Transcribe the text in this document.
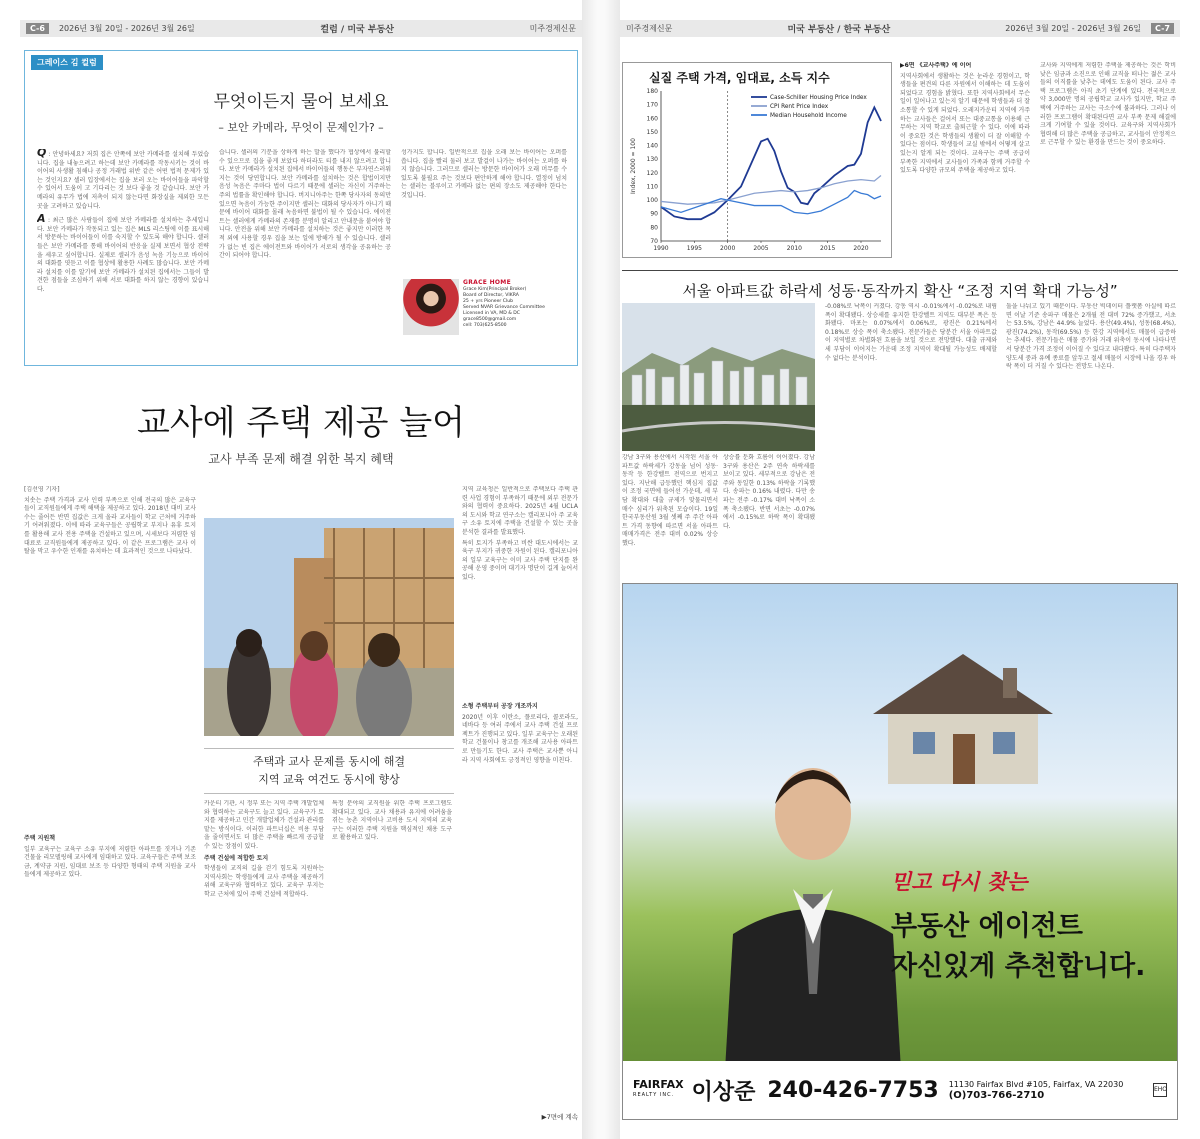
C-6	2026년 3월 20일 - 2026년 3월 26일	컬럼 / 미국 부동산	미주경제신문
그레이스 김 컬럼
무엇이든지 물어 보세요
– 보안 카메라, 무엇이 문제인가? –

Q : 안녕하세요? 저희 집은 안쪽에 보안 카메라를 설치해 두었습니다. 집을 내놓으려고 하는데 보안 카메라를 작동시키는 것이 바이어의 사생활 침해나 공정 거래법 위반 같은 어떤 법적 문제가 있는 것인지요? 셀러 입장에서는 집을 보러 오는 바이어들을 파악할 수 있어서 도움이 고 기다리는 것 보다 좋을 것 같습니다. 보안 카메라의 유무가 법에 저촉이 되지 않는다면 화장실을 제외한 모든 곳을 고려하고 있습니다.

A : 최근 많은 사람들이 집에 보안 카메라를 설치하는 추세입니다. 보안 카메라가 작동되고 있는 집은 MLS 리스팅에 이를 표시해서 방문하는 바이어들이 이를 숙지할 수 있도록 해야 합니다. 셀러들은 보안 카메라를 통해 바이어의 반응을 실제 보면서 협상 전략을 세우고 싶어합니다. 실제로 셀러가 음성 녹음 기능으로 바이어의 대화를 엿듣고 이를 협상에 활용한 사례도 많습니다. 보안 카메라 설치를 이를 알기에 보안 카메라가 설치된 집에서는 그들이 발견한 점들을 조심하기 위해 서로 대화를 하지 않는 경향이 있습니다.

습니다. 셀러의 기분을 상하게 하는 말을 했다가 협상에서 불리할 수 있으므로 집을 좋게 보았다 하더라도 티를 내지 않으려고 합니다. 보안 카메라가 설치된 집에서 바이어들의 행동은 부자연스러워지는 것이 당연합니다. 보안 카메라를 설치하는 것은 합법이지만 음성 녹음은 주마다 법이 다르기 때문에 셀러는 자신이 거주하는 주의 법률을 확인해야 합니다. 버지니아주는 한쪽 당사자의 동의만 있으면 녹음이 가능한 주이지만 셀러는 대화의 당사자가 아니기 때문에 바이어 대화를 몰래 녹음하면 불법이 될 수 있습니다. 에이전트는 셀러에게 카메라의 존재를 분명히 알리고 안내문을 붙여야 합니다. 안전을 위해 보안 카메라를 설치하는 것은 좋지만 이러한 목적 외에 사용할 경우 집을 보는 일에 방해가 될 수 있습니다. 셀러가 없는 빈 집은 에이전트와 바이어가 서로의 생각을 공유하는 공간이 되어야 합니다.
성가지도 합니다. 일반적으로 집을 오래 보는 바이어는 오퍼를 씁니다. 집을 빨리 둘러 보고 발걸이 나가는 바이어는 오퍼를 하지 않습니다. 그러므로 셀러는 방문한 바이어가 오래 머무를 수 있도록 불필요 주는 것보다 편안하게 해야 합니다. 열정이 넘치는 셀러는 블루이고 카메라 없는 편의 장소도 제공해야 한다는 것입니다.
GRACE HOME
Grace Kim(Principal Broker)
Board of Director, VIKRA
25 + yrs Pioneer Club
Served NVAR Grievance Committee
Licensed in VA, MD & DC
grace8500@gmail.com
cell: 703)625-8500
교사에 주택 제공 늘어
교사 부족 문제 해결 위한 복지 혜택

[김선영 기자]

치솟는 주택 가격과 교사 인력 부족으로 인해 전국의 많은 교육구들이 교직원들에게 주택 해택을 제공하고 있다. 2018년 대비 교사 수는 줄어든 반면 집값은 크게 올라 교사들이 학교 근처에 거주하기 어려워졌다. 이에 따라 교육구들은 공립학교 부지나 유휴 토지를 활용해 교사 전용 주택을 건설하고 있으며, 시세보다 저렴한 임대료로 교직원들에게 제공하고 있다. 이 같은 프로그램은 교사 이탈을 막고 우수한 인재를 유치하는 데 효과적인 것으로 나타났다.

주택 지원책

일부 교육구는 교육구 소유 부지에 저렴한 아파트를 짓거나 기존 건물을 리모델링해 교사에게 임대하고 있다. 교육구들은 주택 보조금, 계약금 지원, 임대료 보조 등 다양한 형태의 주택 지원을 교사들에게 제공하고 있다.

주택과 교사 문제를 동시에 해결
지역 교육 여건도 동시에 향상

카운티 기관, 시 정부 또는 지역 주택 개발업체와 협력하는 교육구도 늘고 있다. 교육구가 토지를 제공하고 민간 개발업체가 건설과 관리를 맡는 방식이다. 이러한 파트너십은 비용 부담을 줄이면서도 더 많은 주택을 빠르게 공급할 수 있는 장점이 있다.

주택 건설에 적합한 토지

학생들이 교직의 길을 걷기 힘도록 지원하는 지역사회는 학생들에게 교사 주택을 제공하기 위해 교육구와 협력하고 있다. 교육구 부지는 학교 근처에 있어 주택 건설에 적합하다.

특정 분야의 교직원을 위한 주택 프로그램도 확대되고 있다. 교사 채용과 유지에 어려움을 겪는 농촌 지역이나 고비용 도시 지역의 교육구는 이러한 주택 지원을 핵심적인 채용 도구로 활용하고 있다.

지역 교육청은 일반적으로 주택보다 주택 관련 사업 경험이 부족하기 때문에 외부 전문가와의 협력이 중요하다. 2025년 4월 UCLA의 도시와 학교 연구소는 캘리포니아 주 교육구 소유 토지에 주택을 건설할 수 있는 곳을 분석한 결과를 발표했다.

특히 토지가 부족하고 비싼 대도시에서는 교육구 부지가 귀중한 자원이 된다. 캘리포니아의 일부 교육구는 이미 교사 주택 단지를 완공해 운영 중이며 대기자 명단이 길게 늘어서 있다.

소형 주택부터 공장 개조까지

2020년 이후 이란소, 플로리다, 콜로라도, 네바다 등 여러 주에서 교사 주택 건설 프로젝트가 진행되고 있다. 일부 교육구는 오래된 학교 건물이나 창고를 개조해 교사용 아파트로 만들기도 한다. 교사 주택은 교사뿐 아니라 지역 사회에도 긍정적인 영향을 미친다.

▶7면에 계속
미주경제신문	미국 부동산 / 한국 부동산	2026년 3월 20일 - 2026년 3월 26일	C-7
실질 주택 가격, 임대료, 소득 지수
70
80
90
100
110
120
130
140
150
160
170
180
1990	1995	2000	2005	2010	2015	2020
Index, 2000 = 100
Case-Schiller Housing Price Index
CPI Rent Price Index
Median Household Income

▶6면 《교사주택》에 이어

지역사회에서 생활하는 것은 눈라운 경험이고, 학생들을 편견의 다른 자원에서 이해하는 데 도움이 되었다고 경험을 밝혔다. 또한 지역사회에서 무슨 일이 일어나고 있는지 알기 때문에 학생들과 더 잘 소통할 수 있게 되었다. 오레지카운티 지역에 거주하는 교사들은 걸어서 또는 대중교통을 이용해 근무하는 지역 학교로 출퇴근할 수 있다. 이에 따라 이 중요한 것은 학생들의 생활이 더 잘 이해할 수 있다는 점이다. 학생들이 교실 밖에서 어떻게 살고 있는지 알게 되는 것이다. 교육구는 주택 공급이 부족한 지역에서 교사들이 가족과 함께 거주할 수 있도록 다양한 규모의 주택을 제공하고 있다.

교사와 지역에게 저렴한 주택을 제공하는 것은 학비 낮은 임금과 소진으로 인해 교직을 떠나는 젊은 교사들의 이직률을 낮추는 데에도 도움이 된다. 교사 주택 프로그램은 아직 초기 단계에 있다. 전국적으로 약 3,000만 명의 공립학교 교사가 있지만, 학교 주택에 거주하는 교사는 극소수에 불과하다. 그러나 이러한 프로그램이 확대된다면 교사 부족 문제 해결에 크게 기여할 수 있을 것이다. 교육구와 지역사회가 협력해 더 많은 주택을 공급하고, 교사들이 안정적으로 근무할 수 있는 환경을 만드는 것이 중요하다.
서울 아파트값 하락세 성동·동작까지 확산 “조정 지역 확대 가능성”
강남 3구와 용산에서 시작된 서울 아파트값 하락세가 강동을 넘어 성동·동작 등 한강벨트 전역으로 번지고 있다. 지난해 급등했던 핵심지 집값이 조정 국면에 들어선 가운데, 세 부담 확대와 대출 규제가 맞물리면서 매수 심리가 위축된 모습이다. 19일 한국부동산원 3월 셋째 주 주간 아파트 가격 동향에 따르면 서울 아파트 매매가격은 전주 대비 0.02% 상승했다.
상승률 둔화 흐름이 이어졌다. 강남 3구와 용산은 2주 연속 하락세를 보이고 있다. 세부적으로 강남은 전주와 동일한 0.13% 하락을 기록했다. 송파는 0.16% 내렸다. 다만 송파는 전주 -0.17% 대비 낙폭이 소폭 축소됐다. 반면 서초는 -0.07%에서 -0.15%로 하락 폭이 확대됐다.
-0.08%로 낙폭이 커졌다. 강동 역시 -0.01%에서 -0.02%로 내림 폭이 확대됐다. 상승세를 유지한 한강벨트 지역도 대부분 폭은 둔화됐다. 마포는 0.07%에서 0.06%로, 광진은 0.21%에서 0.18%로 상승 폭이 축소됐다. 전문가들은 당분간 서울 아파트값이 지역별로 차별화된 흐름을 보일 것으로 전망했다. 대출 규제와 세 부담이 이어지는 가운데 조정 지역이 확대될 가능성도 배제할 수 없다는 분석이다.
둘을 나눠고 있기 때문이다. 부동산 빅데이터 플랫폼 아실에 따르면 이날 기준 송파구 매물은 2개월 전 대비 72% 증가했고, 서초는 53.5%, 강남은 44.9% 늘었다. 용산(49.4%), 성동(68.4%), 광진(74.2%), 동작(69.5%) 등 한강 지역에서도 매물이 급증하는 추세다. 전문가들은 매물 증가와 거래 위축이 동시에 나타나면서 당분간 가격 조정이 이어질 수 있다고 내다봤다. 특히 다주택자 양도세 중과 유예 종료를 앞두고 절세 매물이 시장에 나올 경우 하락 폭이 더 커질 수 있다는 전망도 나온다.
믿고 다시 찾는
부동산 에이전트
자신있게 추천합니다.
FAIRFAX
REALTY INC. 이상준 240-426-7753 11130 Fairfax Blvd #105, Fairfax, VA 22030
(O)703-766-2710
EHO
